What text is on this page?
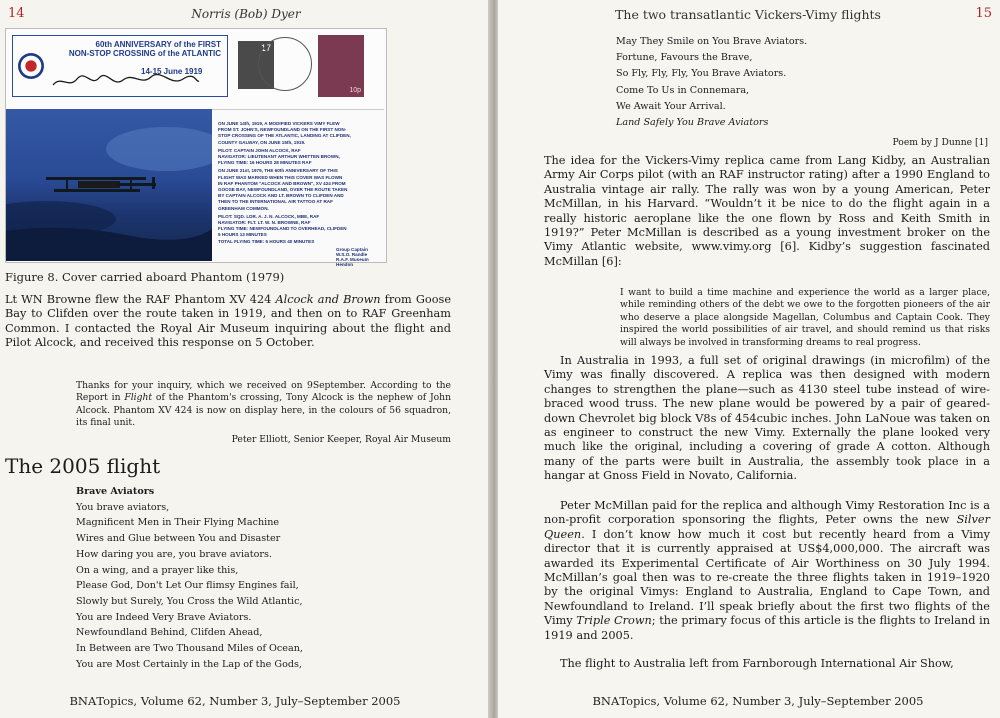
14	Norris (Bob) Dyer
60th ANNIVERSARY of the FIRST
NON-STOP CROSSING of the ATLANTIC
14-15 June 1919
17
10p
ON JUNE 14th, 1919, A MODIFIED VICKERS VIMY FLEW
FROM ST. JOHN'S, NEWFOUNDLAND ON THE FIRST NON-
STOP CROSSING OF THE ATLANTIC, LANDING AT CLIFDEN,
COUNTY GALWAY, ON JUNE 15th, 1919.
PILOT: CAPTAIN JOHN ALCOCK, RAF
NAVIGATOR: LIEUTENANT ARTHUR WHITTEN BROWN,
FLYING TIME: 16 HOURS 28 MINUTES RAF
ON JUNE 21st, 1979, THE 60th ANNIVERSARY OF THIS
FLIGHT WAS MARKED WHEN THIS COVER WAS FLOWN
IN RAF PHANTOM "ALCOCK AND BROWN", XV 424 FROM
GOOSE BAY, NEWFOUNDLAND, OVER THE ROUTE TAKEN
BY CAPTAIN ALCOCK AND LT. BROWN TO CLIFDEN AND
THEN TO THE INTERNATIONAL AIR TATTOO AT RAF
GREENHAM COMMON.
PILOT: SQD. LDR. A. J. N. ALCOCK, MBE, RAF
NAVIGATOR: FLT. LT. W. N. BROWNE, RAF
FLYING TIME: NEWFOUNDLAND TO OVERHEAD, CLIFDEN
5 HOURS 13 MINUTES
TOTAL FLYING TIME: 6 HOURS 40 MINUTES
Group Captain
W.S.O. Randle
R.A.F. Museum
Hendon
Figure 8. Cover carried aboard Phantom (1979)

Lt WN Browne flew the RAF Phantom XV 424 Alcock and Brown from Goose Bay to Clifden over the route taken in 1919, and then on to RAF Greenham Common. I contacted the Royal Air Museum inquiring about the flight and Pilot Alcock, and received this response on 5 October.

Thanks for your inquiry, which we received on 9September. According to the Report in Flight of the Phantom's crossing, Tony Alcock is the nephew of John Alcock. Phantom XV 424 is now on display here, in the colours of 56 squadron, its final unit.

Peter Elliott, Senior Keeper, Royal Air Museum
The 2005 flight
Brave Aviators
You brave aviators,
Magnificent Men in Their Flying Machine
Wires and Glue between You and Disaster
How daring you are, you brave aviators.
On a wing, and a prayer like this,
Please God, Don't Let Our flimsy Engines fail,
Slowly but Surely, You Cross the Wild Atlantic,
You are Indeed Very Brave Aviators.
Newfoundland Behind, Clifden Ahead,
In Between are Two Thousand Miles of Ocean,
You are Most Certainly in the Lap of the Gods,
BNATopics, Volume 62, Number 3, July–September 2005
The two transatlantic Vickers-Vimy flights	15
May They Smile on You Brave Aviators.
Fortune, Favours the Brave,
So Fly, Fly, Fly, You Brave Aviators.
Come To Us in Connemara,
We Await Your Arrival.
Land Safely You Brave Aviators
Poem by J Dunne [1]

The idea for the Vickers-Vimy replica came from Lang Kidby, an Australian Army Air Corps pilot (with an RAF instructor rating) after a 1990 England to Australia vintage air rally. The rally was won by a young American, Peter McMillan, in his Harvard. “Wouldn’t it be nice to do the flight again in a really historic aeroplane like the one flown by Ross and Keith Smith in 1919?” Peter McMillan is described as a young investment broker on the Vimy Atlantic website, www.vimy.org [6]. Kidby’s suggestion fascinated McMillan [6]:

I want to build a time machine and experience the world as a larger place, while reminding others of the debt we owe to the forgotten pioneers of the air who deserve a place alongside Magellan, Columbus and Captain Cook. They inspired the world possibilities of air travel, and should remind us that risks will always be involved in transforming dreams to real progress.

In Australia in 1993, a full set of original drawings (in microfilm) of the Vimy was finally discovered. A replica was then designed with modern changes to strengthen the plane—such as 4130 steel tube instead of wire-braced wood truss. The new plane would be powered by a pair of geared-down Chevrolet big block V8s of 454cubic inches. John LaNoue was taken on as engineer to construct the new Vimy. Externally the plane looked very much like the original, including a covering of grade A cotton. Although many of the parts were built in Australia, the assembly took place in a hangar at Gnoss Field in Novato, California.

Peter McMillan paid for the replica and although Vimy Restoration Inc is a non-profit corporation sponsoring the flights, Peter owns the new Silver Queen. I don’t know how much it cost but recently heard from a Vimy director that it is currently appraised at US$4,000,000. The aircraft was awarded its Experimental Certificate of Air Worthiness on 30 July 1994. McMillan’s goal then was to re-create the three flights taken in 1919–1920 by the original Vimys: England to Australia, England to Cape Town, and Newfoundland to Ireland. I’ll speak briefly about the first two flights of the Vimy Triple Crown; the primary focus of this article is the flights to Ireland in 1919 and 2005.

The flight to Australia left from Farnborough International Air Show,

BNATopics, Volume 62, Number 3, July–September 2005
